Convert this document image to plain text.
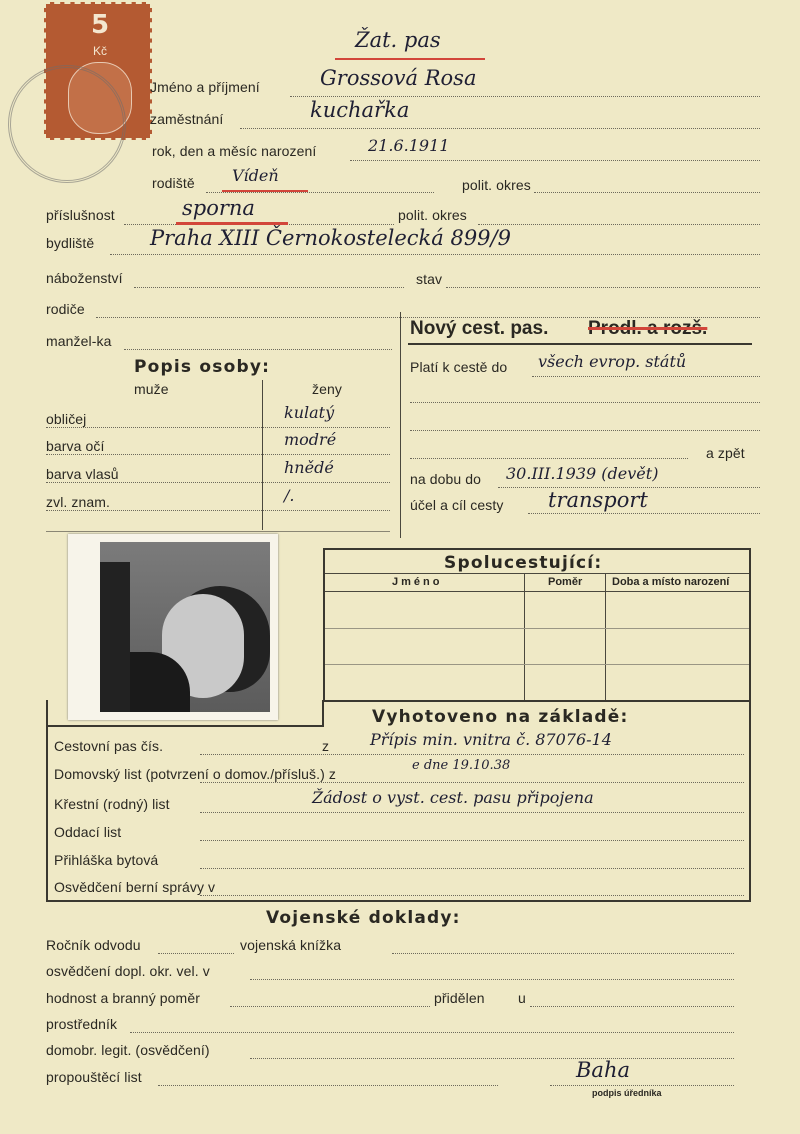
5
Kč	Žat. pas
Jméno a příjmení	Grossová Rosa
zaměstnání	kuchařka
rok, den a měsíc narození	21.6.1911
rodiště Vídeň	polit. okres
příslušnost	sporna	polit. okres
bydliště	Praha XIII Černokostelecká 899/9
náboženství	stav
rodiče
manžel-ka
Nový cest. pas. Prodl. a rozš.
Platí k cestě do všech evrop. států
a zpět
na dobu do 30.III.1939 (devět)
účel a cíl cesty transport
Popis osoby:
muže	ženy
obličej	kulatý
barva očí	modré
barva vlasů	hnědé
zvl. znam.	/.
Spolucestující:
Jméno	Poměr	Doba a místo narození
Vyhotoveno na základě:
Cestovní pas čís.	z	Přípis min. vnitra č. 87076-14
Domovský list (potvrzení o domov./přísluš.) z
e dne 19.10.38
Křestní (rodný) list	Žádost o vyst. cest. pasu připojena
Oddací list
Přihláška bytová
Osvědčení berní správy v
Vojenské doklady:
Ročník odvodu	vojenská knížka
osvědčení dopl. okr. vel. v
hodnost a branný poměr	přidělen u
prostředník
domobr. legit. (osvědčení)
propouštěcí list	Baha
podpis úředníka
